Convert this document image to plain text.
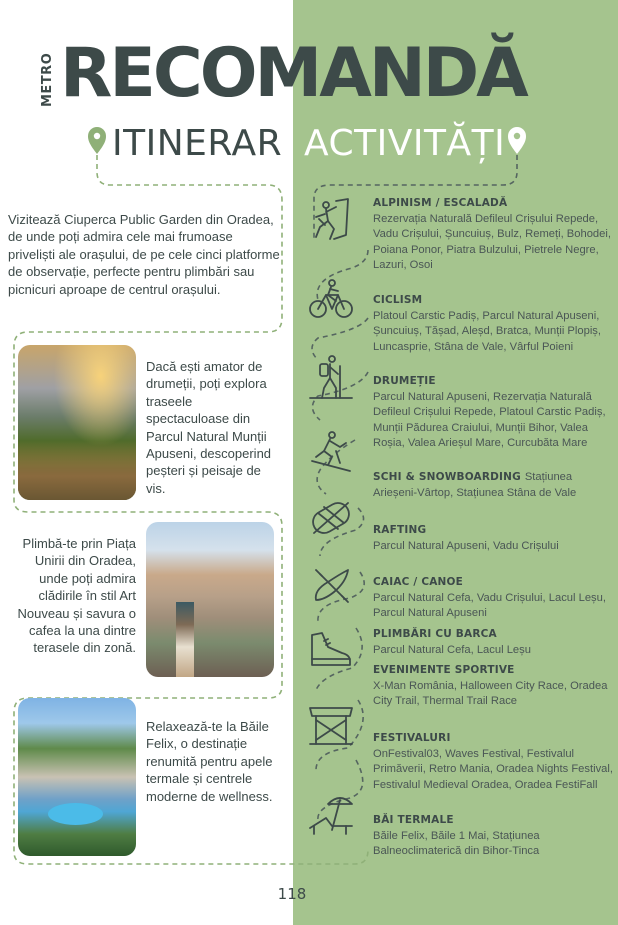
METRO RECOMANDĂ
ITINERAR ACTIVITĂȚI

Vizitează Ciuperca Public Garden din Oradea, de unde poți admira cele mai frumoase priveliști ale orașului, de pe cele cinci platforme de observație, perfecte pentru plimbări sau picnicuri aproape de centrul orașului.

Dacă ești amator de drumeții, poți explora traseele spectaculoase din Parcul Natural Munții Apuseni, descoperind peșteri și peisaje de vis.

Plimbă-te prin Piața Unirii din Oradea, unde poți admira clădirile în stil Art Nouveau și savura o cafea la una dintre terasele din zonă.

Relaxează-te la Băile Felix, o destinație renumită pentru apele termale și centrele moderne de wellness.

ALPINISM / ESCALADĂ
Rezervația Naturală Defileul Crișului Repede, Vadu Crișului, Șuncuiuș, Bulz, Remeți, Bohodei, Poiana Ponor, Piatra Bulzului, Pietrele Negre, Lazuri, Osoi
CICLISM
Platoul Carstic Padiș, Parcul Natural Apuseni, Șuncuiuș, Tășad, Aleșd, Bratca, Munții Plopiș, Luncasprie, Stâna de Vale, Vârful Poieni
DRUMEȚIE
Parcul Natural Apuseni, Rezervația Naturală Defileul Crișului Repede, Platoul Carstic Padiș, Munții Pădurea Craiului, Munții Bihor, Valea Roșia, Valea Arieșul Mare, Curcubăta Mare
SCHI & SNOWBOARDING Stațiunea Arieșeni-Vârtop, Stațiunea Stâna de Vale
RAFTING
Parcul Natural Apuseni, Vadu Crișului
CAIAC / CANOE
Parcul Natural Cefa, Vadu Crișului, Lacul Leșu, Parcul Natural Apuseni
PLIMBĂRI CU BARCA
Parcul Natural Cefa, Lacul Leșu
EVENIMENTE SPORTIVE
X-Man România, Halloween City Race, Oradea City Trail, Thermal Trail Race
FESTIVALURI
OnFestival03, Waves Festival, Festivalul Primăverii, Retro Mania, Oradea Nights Festival, Festivalul Medieval Oradea, Oradea FestiFall
BĂI TERMALE
Băile Felix, Băile 1 Mai, Stațiunea Balneoclimaterică din Bihor-Tinca
118
